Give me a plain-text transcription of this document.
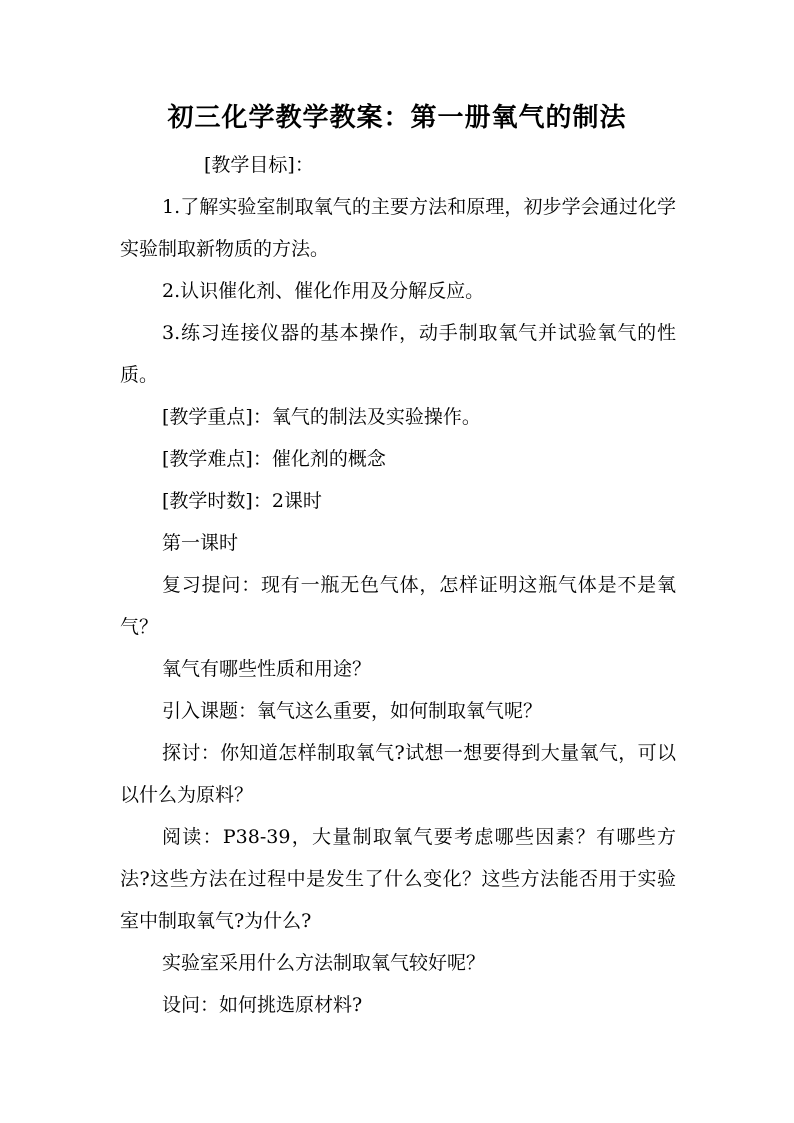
初三化学教学教案：第一册氧气的制法

[教学目标]：

1.了解实验室制取氧气的主要方法和原理，初步学会通过化学实验制取新物质的方法。

2.认识催化剂、催化作用及分解反应。

3.练习连接仪器的基本操作，动手制取氧气并试验氧气的性质。

[教学重点]：氧气的制法及实验操作。

[教学难点]：催化剂的概念

[教学时数]：2课时

第一课时

复习提问：现有一瓶无色气体，怎样证明这瓶气体是不是氧气？

氧气有哪些性质和用途？

引入课题：氧气这么重要，如何制取氧气呢？

探讨：你知道怎样制取氧气?试想一想要得到大量氧气，可以以什么为原料？

阅读：P38-39，大量制取氧气要考虑哪些因素？有哪些方法?这些方法在过程中是发生了什么变化？这些方法能否用于实验室中制取氧气?为什么?

实验室采用什么方法制取氧气较好呢？

设问：如何挑选原材料?
